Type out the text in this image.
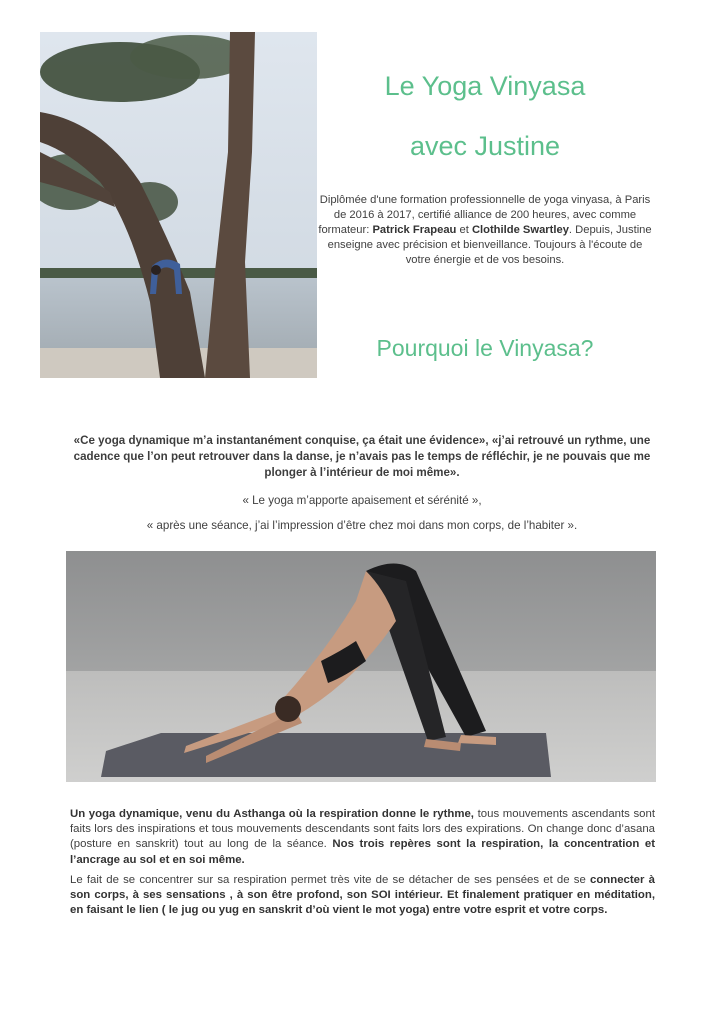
Le Yoga Vinyasa
avec Justine
Diplômée d'une formation professionnelle de yoga vinyasa, à Paris de 2016 à 2017, certifié alliance de 200 heures, avec comme formateur: Patrick Frapeau et Clothilde Swartley. Depuis, Justine enseigne avec précision et bienveillance. Toujours à l'écoute de votre énergie et de vos besoins.
Pourquoi le Vinyasa?
«Ce yoga dynamique m’a instantanément conquise, ça était une évidence», «j’ai retrouvé un rythme, une cadence que l’on peut retrouver dans la danse, je n’avais pas le temps de réfléchir, je ne pouvais que me plonger à l’intérieur de moi même».
« Le yoga m’apporte apaisement et sérénité »,
« après une séance, j’ai l’impression d’être chez moi dans mon corps, de l’habiter ».
Un yoga dynamique, venu du Asthanga où la respiration donne le rythme, tous mouvements ascendants sont faits lors des inspirations et tous mouvements descendants sont faits lors des expirations. On change donc d’asana (posture en sanskrit) tout au long de la séance. Nos trois repères sont la respiration, la concentration et l’ancrage au sol et en soi même.
Le fait de se concentrer sur sa respiration permet très vite de se détacher de ses pensées et de se connecter à son corps, à ses sensations , à son être profond, son SOI intérieur. Et finalement pratiquer en méditation, en faisant le lien ( le jug ou yug en sanskrit d’où vient le mot yoga) entre votre esprit et votre corps.
